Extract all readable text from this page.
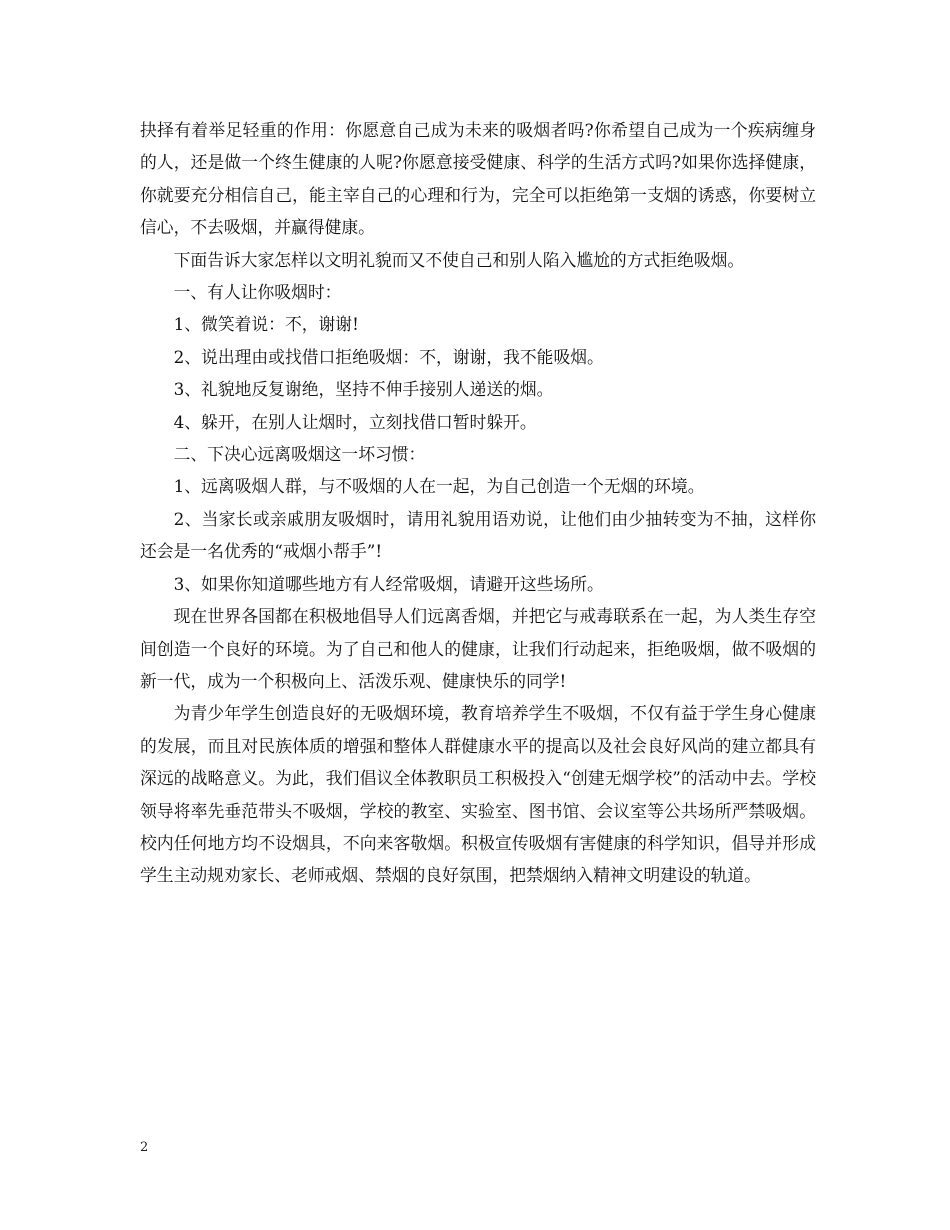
抉择有着举足轻重的作用：你愿意自己成为未来的吸烟者吗?你希望自己成为一个疾病缠身的人，还是做一个终生健康的人呢?你愿意接受健康、科学的生活方式吗?如果你选择健康，你就要充分相信自己，能主宰自己的心理和行为，完全可以拒绝第一支烟的诱惑，你要树立信心，不去吸烟，并赢得健康。

下面告诉大家怎样以文明礼貌而又不使自己和别人陷入尴尬的方式拒绝吸烟。

一、有人让你吸烟时：

1、微笑着说：不，谢谢!

2、说出理由或找借口拒绝吸烟：不，谢谢，我不能吸烟。

3、礼貌地反复谢绝，坚持不伸手接别人递送的烟。

4、躲开，在别人让烟时，立刻找借口暂时躲开。

二、下决心远离吸烟这一坏习惯：

1、远离吸烟人群，与不吸烟的人在一起，为自己创造一个无烟的环境。

2、当家长或亲戚朋友吸烟时，请用礼貌用语劝说，让他们由少抽转变为不抽，这样你还会是一名优秀的“戒烟小帮手”!

3、如果你知道哪些地方有人经常吸烟，请避开这些场所。

现在世界各国都在积极地倡导人们远离香烟，并把它与戒毒联系在一起，为人类生存空间创造一个良好的环境。为了自己和他人的健康，让我们行动起来，拒绝吸烟，做不吸烟的新一代，成为一个积极向上、活泼乐观、健康快乐的同学!

为青少年学生创造良好的无吸烟环境，教育培养学生不吸烟，不仅有益于学生身心健康的发展，而且对民族体质的增强和整体人群健康水平的提高以及社会良好风尚的建立都具有深远的战略意义。为此，我们倡议全体教职员工积极投入“创建无烟学校”的活动中去。学校领导将率先垂范带头不吸烟，学校的教室、实验室、图书馆、会议室等公共场所严禁吸烟。校内任何地方均不设烟具，不向来客敬烟。积极宣传吸烟有害健康的科学知识，倡导并形成学生主动规劝家长、老师戒烟、禁烟的良好氛围，把禁烟纳入精神文明建设的轨道。

2
